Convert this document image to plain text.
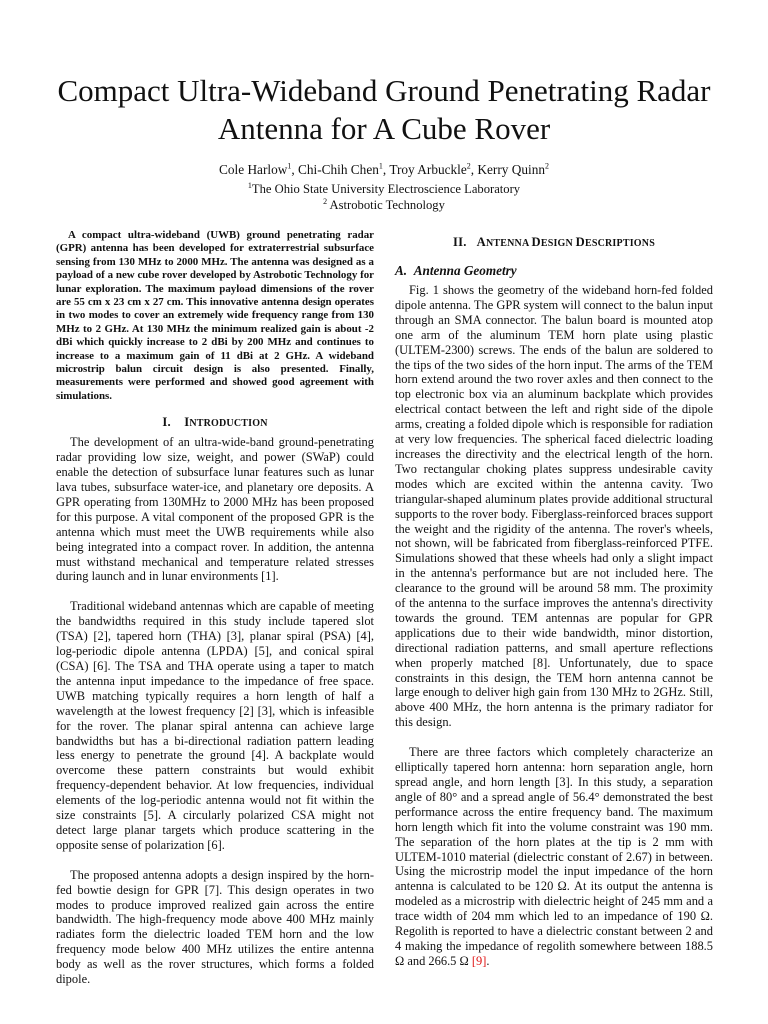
Compact Ultra-Wideband Ground Penetrating Radar Antenna for A Cube Rover
Cole Harlow$^1$, Chi-Chih Chen$^1$, Troy Arbuckle$^2$, Kerry Quinn$^2$
$^1$The Ohio State University Electroscience Laboratory
$^2$ Astrobotic Technology

A compact ultra-wideband (UWB) ground penetrating radar (GPR) antenna has been developed for extraterrestrial subsurface sensing from 130 MHz to 2000 MHz. The antenna was designed as a payload of a new cube rover developed by Astrobotic Technology for lunar exploration. The maximum payload dimensions of the rover are 55 cm x 23 cm x 27 cm. This innovative antenna design operates in two modes to cover an extremely wide frequency range from 130 MHz to 2 GHz. At 130 MHz the minimum realized gain is about -2 dBi which quickly increase to 2 dBi by 200 MHz and continues to increase to a maximum gain of 11 dBi at 2 GHz. A wideband microstrip balun circuit design is also presented. Finally, measurements were performed and showed good agreement with simulations.

I. INTRODUCTION

The development of an ultra-wide-band ground-penetrating radar providing low size, weight, and power (SWaP) could enable the detection of subsurface lunar features such as lunar lava tubes, subsurface water-ice, and planetary ore deposits. A GPR operating from 130MHz to 2000 MHz has been proposed for this purpose. A vital component of the proposed GPR is the antenna which must meet the UWB requirements while also being integrated into a compact rover. In addition, the antenna must withstand mechanical and temperature related stresses during launch and in lunar environments [1].

Traditional wideband antennas which are capable of meeting the bandwidths required in this study include tapered slot (TSA) [2], tapered horn (THA) [3], planar spiral (PSA) [4], log-periodic dipole antenna (LPDA) [5], and conical spiral (CSA) [6]. The TSA and THA operate using a taper to match the antenna input impedance to the impedance of free space. UWB matching typically requires a horn length of half a wavelength at the lowest frequency [2] [3], which is infeasible for the rover. The planar spiral antenna can achieve large bandwidths but has a bi-directional radiation pattern leading less energy to penetrate the ground [4]. A backplate would overcome these pattern constraints but would exhibit frequency-dependent behavior. At low frequencies, individual elements of the log-periodic antenna would not fit within the size constraints [5]. A circularly polarized CSA might not detect large planar targets which produce scattering in the opposite sense of polarization [6].

The proposed antenna adopts a design inspired by the horn-fed bowtie design for GPR [7]. This design operates in two modes to produce improved realized gain across the entire bandwidth. The high-frequency mode above 400 MHz mainly radiates form the dielectric loaded TEM horn and the low frequency mode below 400 MHz utilizes the entire antenna body as well as the rover structures, which forms a folded dipole.

II. ANTENNA DESIGN DESCRIPTIONS
A. Antenna Geometry

Fig. 1 shows the geometry of the wideband horn-fed folded dipole antenna. The GPR system will connect to the balun input through an SMA connector. The balun board is mounted atop one arm of the aluminum TEM horn plate using plastic (ULTEM-2300) screws. The ends of the balun are soldered to the tips of the two sides of the horn input. The arms of the TEM horn extend around the two rover axles and then connect to the top electronic box via an aluminum backplate which provides electrical contact between the left and right side of the dipole arms, creating a folded dipole which is responsible for radiation at very low frequencies. The spherical faced dielectric loading increases the directivity and the electrical length of the horn. Two rectangular choking plates suppress undesirable cavity modes which are excited within the antenna cavity. Two triangular-shaped aluminum plates provide additional structural supports to the rover body. Fiberglass-reinforced braces support the weight and the rigidity of the antenna. The rover's wheels, not shown, will be fabricated from fiberglass-reinforced PTFE. Simulations showed that these wheels had only a slight impact in the antenna's performance but are not included here. The clearance to the ground will be around 58 mm. The proximity of the antenna to the surface improves the antenna's directivity towards the ground. TEM antennas are popular for GPR applications due to their wide bandwidth, minor distortion, directional radiation patterns, and small aperture reflections when properly matched [8]. Unfortunately, due to space constraints in this design, the TEM horn antenna cannot be large enough to deliver high gain from 130 MHz to 2GHz. Still, above 400 MHz, the horn antenna is the primary radiator for this design.

There are three factors which completely characterize an elliptically tapered horn antenna: horn separation angle, horn spread angle, and horn length [3]. In this study, a separation angle of 80° and a spread angle of 56.4° demonstrated the best performance across the entire frequency band. The maximum horn length which fit into the volume constraint was 190 mm. The separation of the horn plates at the tip is 2 mm with ULTEM-1010 material (dielectric constant of 2.67) in between. Using the microstrip model the input impedance of the horn antenna is calculated to be 120 Ω. At its output the antenna is modeled as a microstrip with dielectric height of 245 mm and a trace width of 204 mm which led to an impedance of 190 Ω. Regolith is reported to have a dielectric constant between 2 and 4 making the impedance of regolith somewhere between 188.5 Ω and 266.5 Ω [9].
